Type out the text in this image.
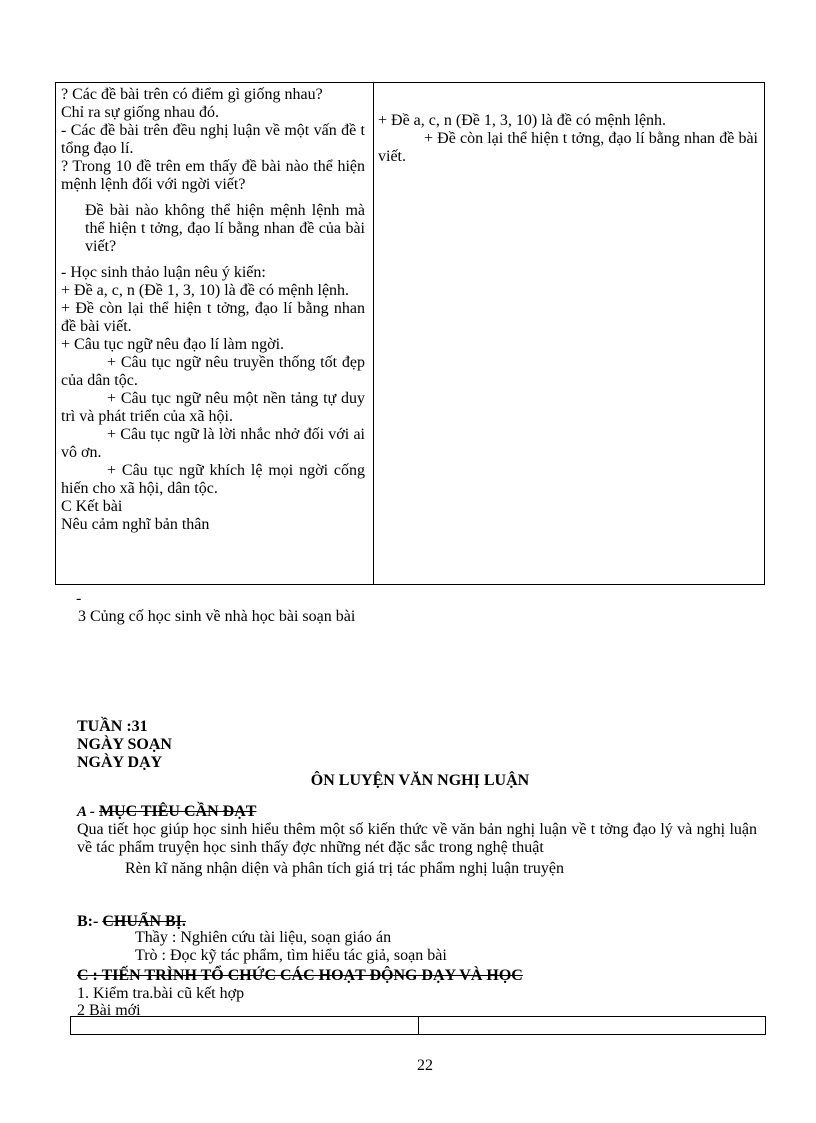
? Các đề bài trên có điểm gì giống nhau?

Chỉ ra sự giống nhau đó.

- Các đề bài trên đều nghị luận về một vấn đề t tổng đạo lí.

? Trong 10 đề trên em thấy đề bài nào thể hiện mệnh lệnh đối với ngời viết?

Đề bài nào không thể hiện mệnh lệnh mà thể hiện t tởng, đạo lí bằng nhan đề của bài viết?

- Học sinh thảo luận nêu ý kiến:

+ Đề a, c, n (Đề 1, 3, 10) là đề có mệnh lệnh.

+ Đề còn lại thể hiện t tởng, đạo lí bằng nhan đề bài viết.

+ Câu tục ngữ nêu đạo lí làm ngời.

+ Câu tục ngữ nêu truyền thống tốt đẹp của dân tộc.

+ Câu tục ngữ nêu một nền tảng tự duy trì và phát triển của xã hội.

+ Câu tục ngữ là lời nhắc nhở đối với ai vô ơn.

+ Câu tục ngữ khích lệ mọi ngời cống hiến cho xã hội, dân tộc.

C Kết bài

Nêu cảm nghĩ bản thân

+ Đề a, c, n (Đề 1, 3, 10) là đề có mệnh lệnh.

+ Đề còn lại thể hiện t tởng, đạo lí bằng nhan đề bài viết.

-
3 Củng cố học sinh về nhà học bài soạn bài
TUẦN :31
NGÀY SOẠN
NGÀY DẠY
ÔN LUYỆN VĂN NGHỊ LUẬN
A - MỤC TIÊU CẦN ĐẠT

Qua tiết học giúp học sinh hiểu thêm một số kiến thức về văn bản nghị luận về t tởng đạo lý và nghị luận về tác phẩm truyện học sinh thấy đợc những nét đặc sắc trong nghệ thuật

Rèn kĩ năng nhận diện và phân tích giá trị tác phẩm nghị luận truyện

B:- CHUẨN BỊ.
Thầy : Nghiên cứu tài liệu, soạn giáo án
Trò : Đọc kỹ tác phẩm, tìm hiểu tác giả, soạn bài
C : TIẾN TRÌNH TỔ CHỨC CÁC HOẠT ĐỘNG DẠY VÀ HỌC
1. Kiểm tra.bài cũ kết hợp
2 Bài mới
22
